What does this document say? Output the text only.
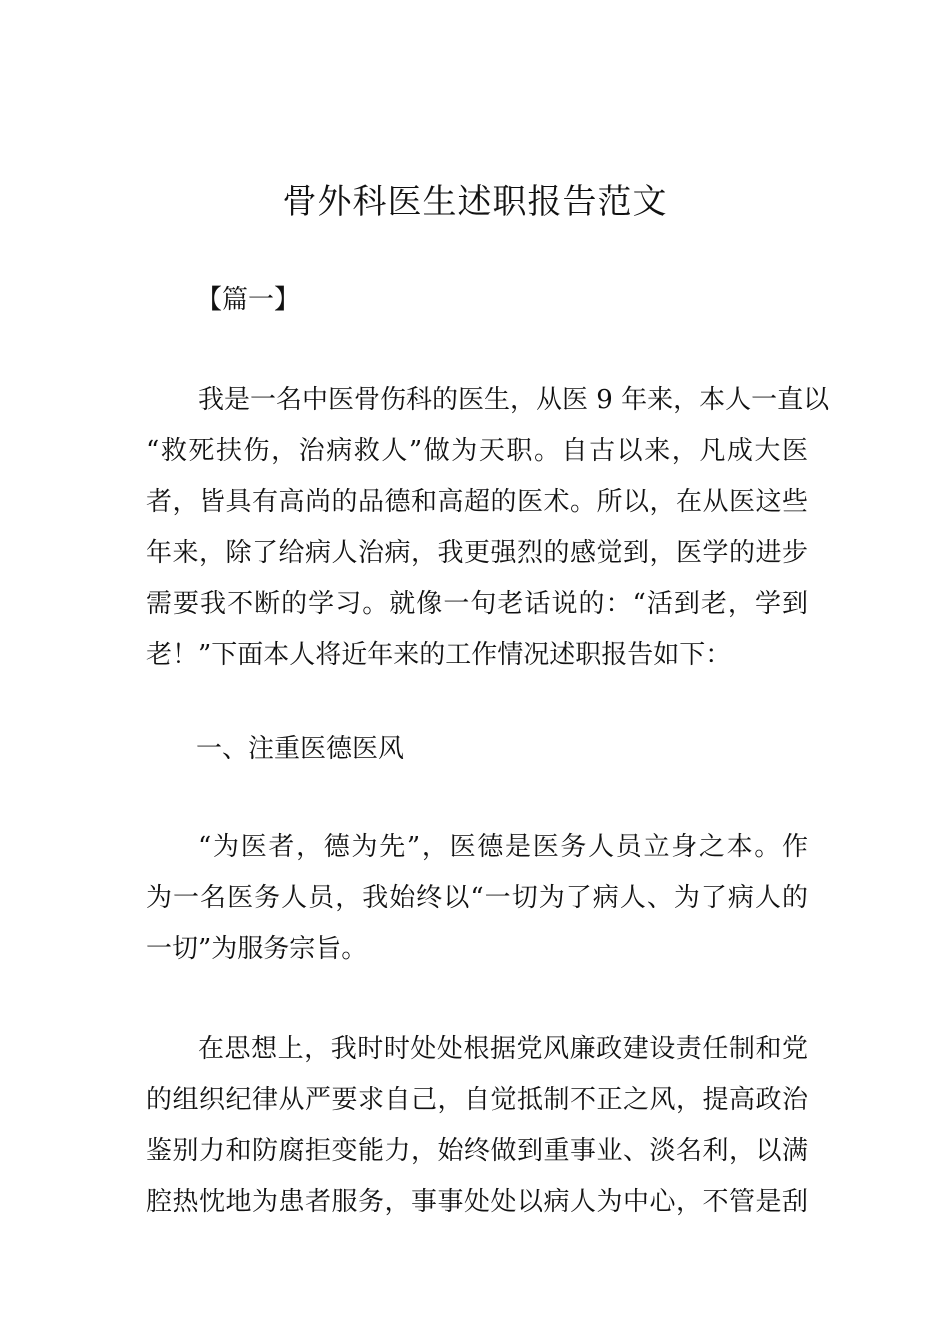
骨外科医生述职报告范文
【篇一】
我是一名中医骨伤科的医生，从医 9 年来，本人一直以
“救死扶伤，治病救人”做为天职。自古以来，凡成大医
者，皆具有高尚的品德和高超的医术。所以，在从医这些
年来，除了给病人治病，我更强烈的感觉到，医学的进步
需要我不断的学习。就像一句老话说的：“活到老，学到
老！”下面本人将近年来的工作情况述职报告如下：
一、注重医德医风
“为医者，德为先”，医德是医务人员立身之本。作
为一名医务人员，我始终以“一切为了病人、为了病人的
一切”为服务宗旨。
在思想上，我时时处处根据党风廉政建设责任制和党
的组织纪律从严要求自己，自觉抵制不正之风，提高政治
鉴别力和防腐拒变能力，始终做到重事业、淡名利，以满
腔热忱地为患者服务，事事处处以病人为中心，不管是刮
